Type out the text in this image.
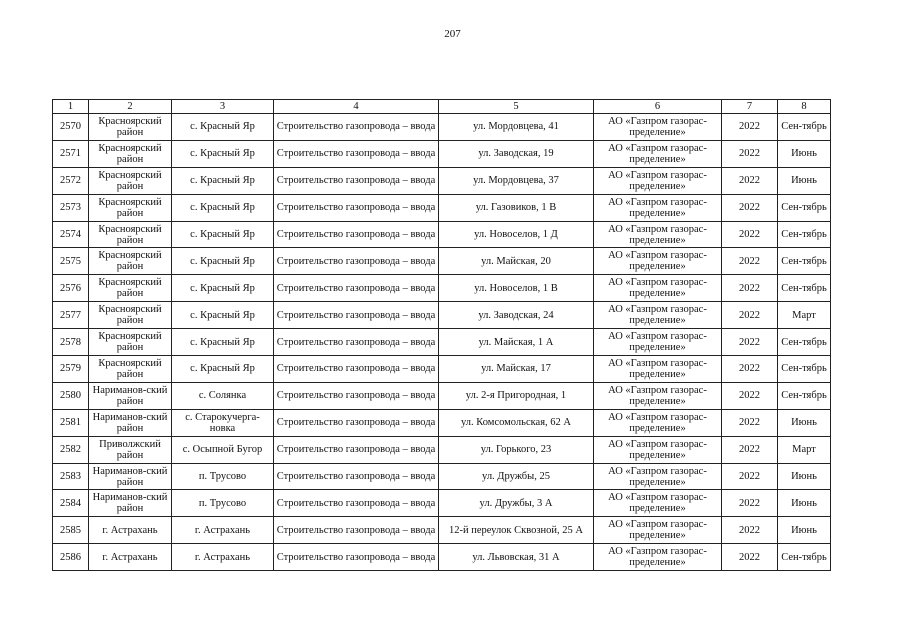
207
1	2	3	4	5	6	7	8
2570	Красноярский район	с. Красный Яр	Строительство газопровода – ввода	ул. Мордовцева, 41	АО «Газпром газорас-пределение»	2022	Сен-тябрь
2571	Красноярский район	с. Красный Яр	Строительство газопровода – ввода	ул. Заводская, 19	АО «Газпром газорас-пределение»	2022	Июнь
2572	Красноярский район	с. Красный Яр	Строительство газопровода – ввода	ул. Мордовцева, 37	АО «Газпром газорас-пределение»	2022	Июнь
2573	Красноярский район	с. Красный Яр	Строительство газопровода – ввода	ул. Газовиков, 1 В	АО «Газпром газорас-пределение»	2022	Сен-тябрь
2574	Красноярский район	с. Красный Яр	Строительство газопровода – ввода	ул. Новоселов, 1 Д	АО «Газпром газорас-пределение»	2022	Сен-тябрь
2575	Красноярский район	с. Красный Яр	Строительство газопровода – ввода	ул. Майская, 20	АО «Газпром газорас-пределение»	2022	Сен-тябрь
2576	Красноярский район	с. Красный Яр	Строительство газопровода – ввода	ул. Новоселов, 1 В	АО «Газпром газорас-пределение»	2022	Сен-тябрь
2577	Красноярский район	с. Красный Яр	Строительство газопровода – ввода	ул. Заводская, 24	АО «Газпром газорас-пределение»	2022	Март
2578	Красноярский район	с. Красный Яр	Строительство газопровода – ввода	ул. Майская, 1 А	АО «Газпром газорас-пределение»	2022	Сен-тябрь
2579	Красноярский район	с. Красный Яр	Строительство газопровода – ввода	ул. Майская, 17	АО «Газпром газорас-пределение»	2022	Сен-тябрь
2580	Нариманов-ский район	с. Солянка	Строительство газопровода – ввода	ул. 2-я Пригородная, 1	АО «Газпром газорас-пределение»	2022	Сен-тябрь
2581	Нариманов-ский район	с. Старокучерга-новка	Строительство газопровода – ввода	ул. Комсомольская, 62 А	АО «Газпром газорас-пределение»	2022	Июнь
2582	Приволжский район	с. Осыпной Бугор	Строительство газопровода – ввода	ул. Горького, 23	АО «Газпром газорас-пределение»	2022	Март
2583	Нариманов-ский район	п. Трусово	Строительство газопровода – ввода	ул. Дружбы, 25	АО «Газпром газорас-пределение»	2022	Июнь
2584	Нариманов-ский район	п. Трусово	Строительство газопровода – ввода	ул. Дружбы, 3 А	АО «Газпром газорас-пределение»	2022	Июнь
2585	г. Астрахань	г. Астрахань	Строительство газопровода – ввода	12-й переулок Сквозной, 25 А	АО «Газпром газорас-пределение»	2022	Июнь
2586	г. Астрахань	г. Астрахань	Строительство газопровода – ввода	ул. Львовская, 31 А	АО «Газпром газорас-пределение»	2022	Сен-тябрь
